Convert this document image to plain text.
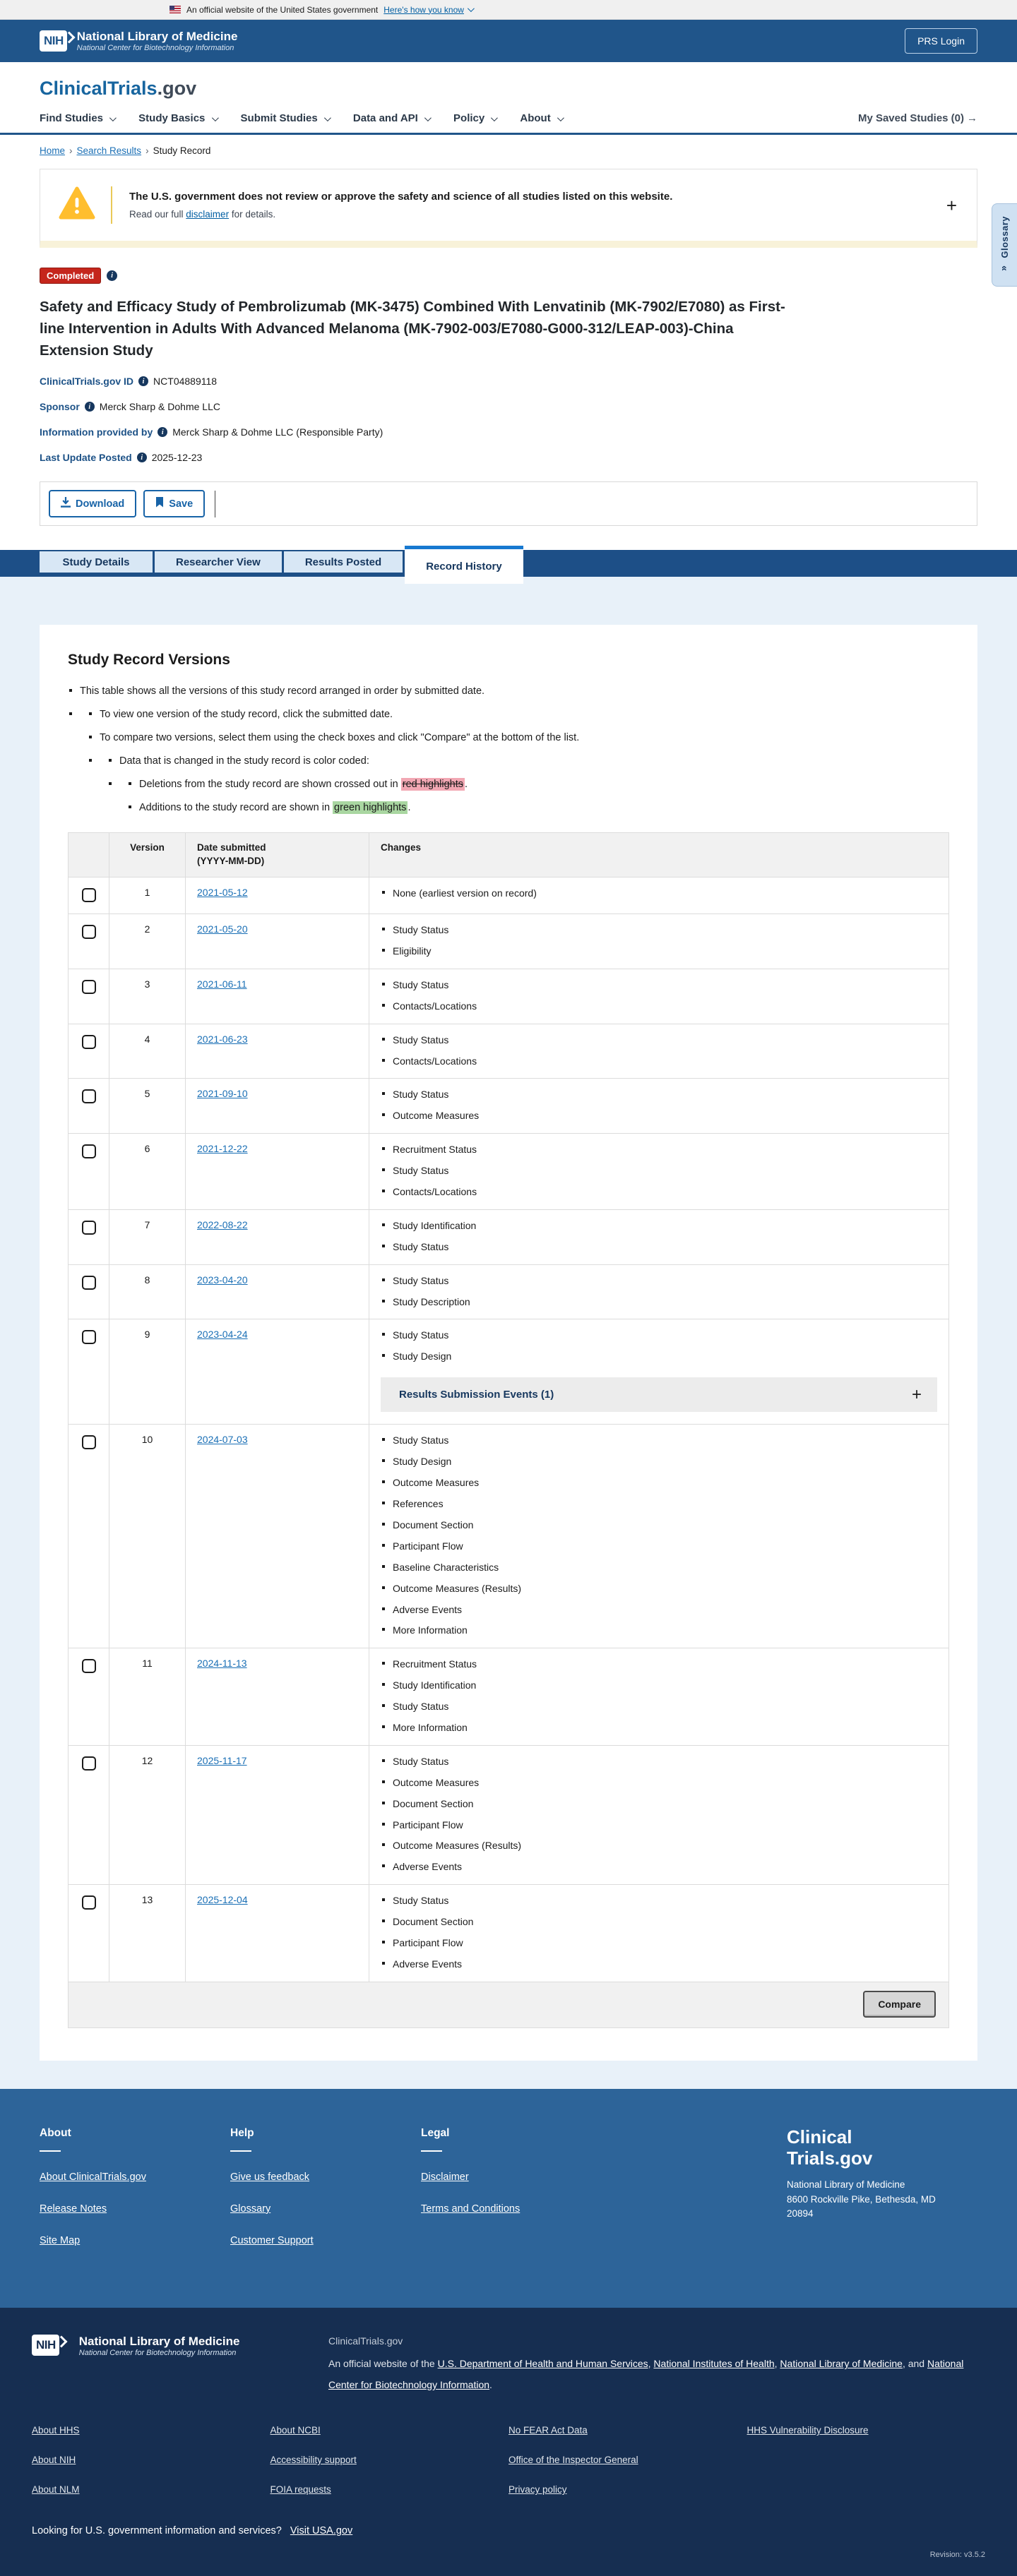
An official website of the United States government Here's how you know
NIH National Library of Medicine
National Center for Biotechnology Information
PRS Login
ClinicalTrials.gov
Find Studies	Study Basics	Submit Studies	Data and API	Policy	About	My Saved Studies (0) →
Glossary
«
Home › Search Results › Study Record
The U.S. government does not review or approve the safety and science of all studies listed on this website.
Read our full disclaimer for details.	+
Completed	i
Safety and Efficacy Study of Pembrolizumab (MK-3475) Combined With Lenvatinib (MK-7902/E7080) as First-line Intervention in Adults With Advanced Melanoma (MK-7902-003/E7080-G000-312/LEAP-003)-China Extension Study
ClinicalTrials.gov ID	i NCT04889118
Sponsor	i Merck Sharp & Dohme LLC
Information provided by	i Merck Sharp & Dohme LLC (Responsible Party)
Last Update Posted	i 2025-12-23
Download	Save
Study Details	Researcher View	Results Posted	Record History
Study Record Versions
This table shows all the versions of this study record arranged in order by submitted date.
To view one version of the study record, click the submitted date.
To compare two versions, select them using the check boxes and click "Compare" at the bottom of the list.
Data that is changed in the study record is color coded:
Deletions from the study record are shown crossed out in red highlights .
Additions to the study record are shown in green highlights .
	Version	Date submitted
(YYYY-MM-DD)	Changes
	1	2021-05-12	None (earliest version on record)

	2	2021-05-20	Study Status
Eligibility

	3	2021-06-11	Study Status
Contacts/Locations

	4	2021-06-23	Study Status
Contacts/Locations

	5	2021-09-10	Study Status
Outcome Measures

	6	2021-12-22	Recruitment Status
Study Status
Contacts/Locations

	7	2022-08-22	Study Identification
Study Status

	8	2023-04-20	Study Status
Study Description

	9	2023-04-24	Study Status
Study Design
Results Submission Events (1)	+

	10	2024-07-03	Study Status
Study Design
Outcome Measures
References
Document Section
Participant Flow
Baseline Characteristics
Outcome Measures (Results)
Adverse Events
More Information

	11	2024-11-13	Recruitment Status
Study Identification
Study Status
More Information

	12	2025-11-17	Study Status
Outcome Measures
Document Section
Participant Flow
Outcome Measures (Results)
Adverse Events

	13	2025-12-04	Study Status
Document Section
Participant Flow
Adverse Events

Compare			
About
About ClinicalTrials.gov
Release Notes
Site Map
Help
Give us feedback
Glossary
Customer Support
Legal
Disclaimer
Terms and Conditions
Clinical
Trials.gov
National Library of Medicine
8600 Rockville Pike, Bethesda, MD
20894
NIH National Library of Medicine
National Center for Biotechnology Information
ClinicalTrials.gov
An official website of the U.S. Department of Health and Human Services, National Institutes of Health, National Library of Medicine, and National Center for Biotechnology Information.
About HHS
About NIH
About NLM
About NCBI
Accessibility support
FOIA requests
No FEAR Act Data
Office of the Inspector General
Privacy policy
HHS Vulnerability Disclosure
Looking for U.S. government information and services? Visit USA.gov
Revision: v3.5.2
